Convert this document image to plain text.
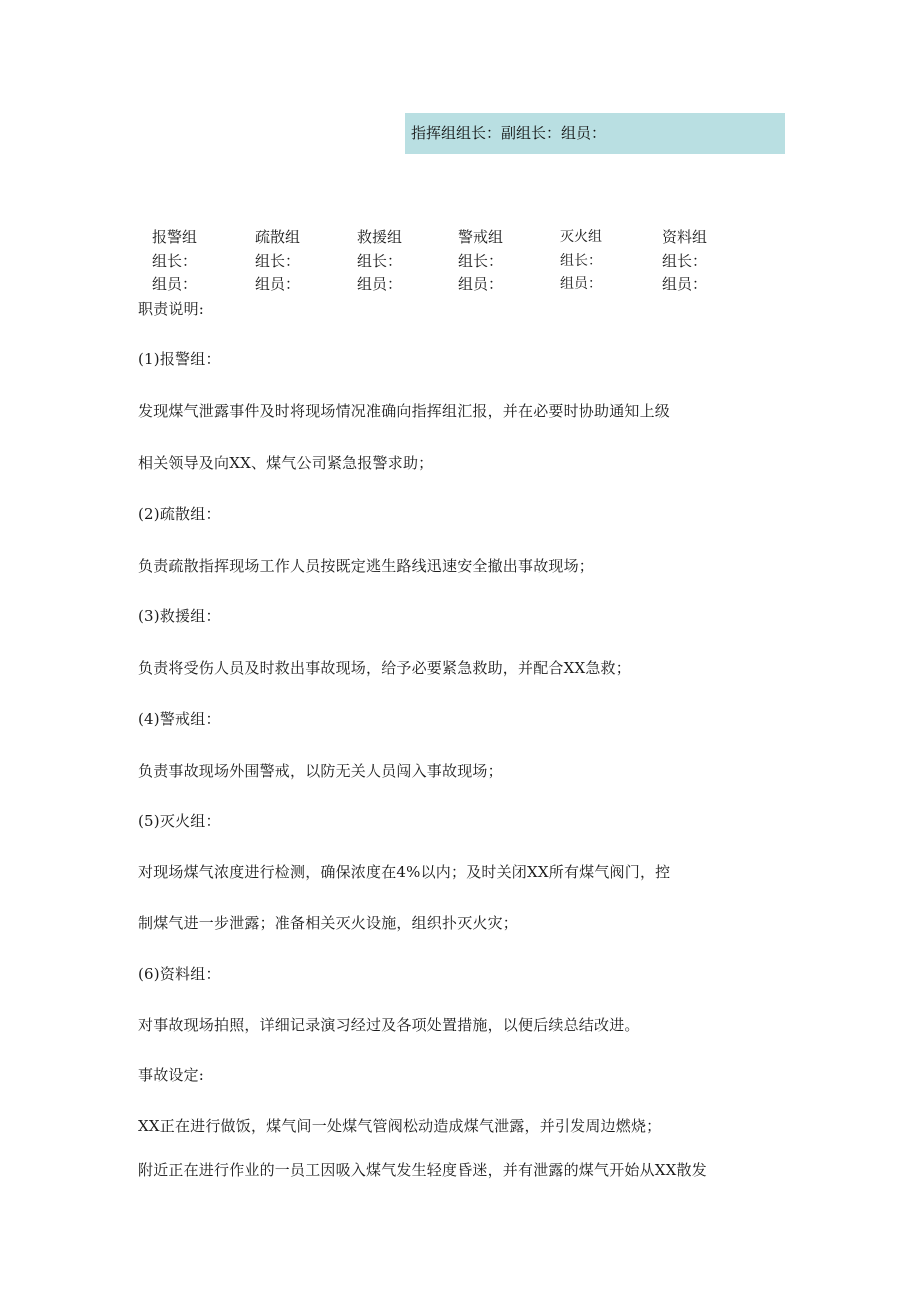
指挥组组长：副组长：组员：
报警组
组长：
组员：
疏散组
组长：
组员：
救援组
组长：
组员：
警戒组
组长：
组员：
灭火组
组长：
组员：
资料组
组长：
组员：
职责说明:
(1)报警组：
发现煤气泄露事件及时将现场情况准确向指挥组汇报，并在必要时协助通知上级
相关领导及向XX、煤气公司紧急报警求助；
(2)疏散组：
负责疏散指挥现场工作人员按既定逃生路线迅速安全撤出事故现场；
(3)救援组：
负责将受伤人员及时救出事故现场，给予必要紧急救助，并配合XX急救；
(4)警戒组：
负责事故现场外围警戒，以防无关人员闯入事故现场；
(5)灭火组：
对现场煤气浓度进行检测，确保浓度在4%以内；及时关闭XX所有煤气阀门，控
制煤气进一步泄露；准备相关灭火设施，组织扑灭火灾；
(6)资料组：
对事故现场拍照，详细记录演习经过及各项处置措施，以便后续总结改进。
事故设定:
XX正在进行做饭，煤气间一处煤气管阀松动造成煤气泄露，并引发周边燃烧；
附近正在进行作业的一员工因吸入煤气发生轻度昏迷，并有泄露的煤气开始从XX散发
